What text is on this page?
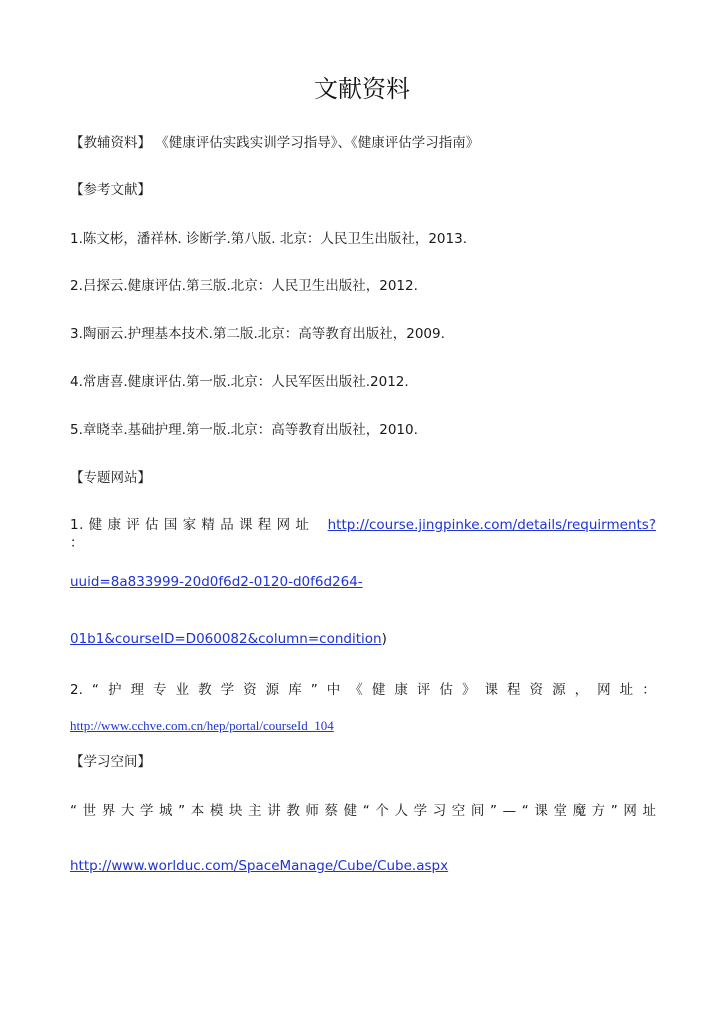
文献资料
【教辅资料】 《健康评估实践实训学习指导》、《健康评估学习指南》
【参考文献】
1.陈文彬，潘祥林. 诊断学.第八版. 北京：人民卫生出版社，2013.
2.吕探云.健康评估.第三版.北京：人民卫生出版社，2012.
3.陶丽云.护理基本技术.第二版.北京：高等教育出版社，2009.
4.常唐喜.健康评估.第一版.北京：人民军医出版社.2012.
5.章晓幸.基础护理.第一版.北京：高等教育出版社，2010.
【专题网站】
1. 健 康 评 估 国 家 精 品 课 程 网 址 ：
http://course.jingpinke.com/details/requirments?
uuid=8a833999-20d0f6d2-0120-d0f6d264-
01b1&courseID=D060082&column=condition)
2. “ 护 理 专 业 教 学 资 源 库 ” 中 《 健 康 评 估 》 课 程 资 源 ， 网 址 ：
http://www.cchve.com.cn/hep/portal/courseId_104
【学习空间】
“ 世 界 大 学 城 ” 本 模 块 主 讲 教 师 蔡 健 “ 个 人 学 习 空 间 ” — “ 课 堂 魔 方 ” 网 址
http://www.worlduc.com/SpaceManage/Cube/Cube.aspx
